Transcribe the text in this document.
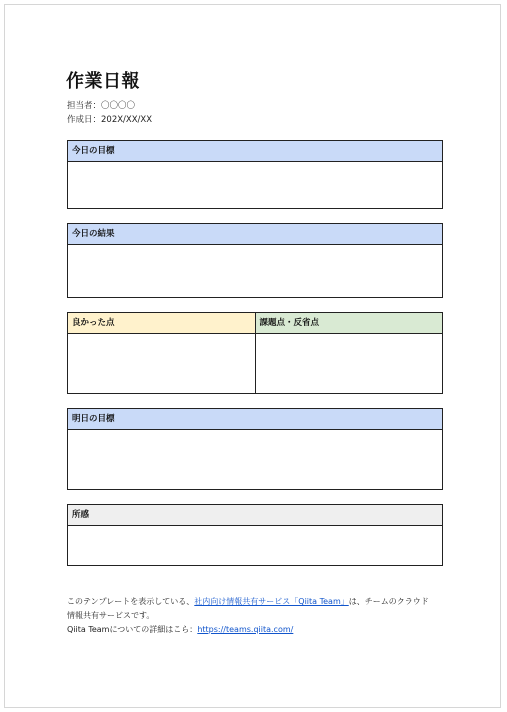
作業日報
担当者：〇〇〇〇
作成日：202X/XX/XX
今日の目標
今日の結果
良かった点	課題点・反省点
明日の目標
所感
このテンプレートを表示している、社内向け情報共有サービス「Qiita Team」は、チームのクラウド
情報共有サービスです。
Qiita Teamについての詳細はこら：https://teams.qiita.com/
